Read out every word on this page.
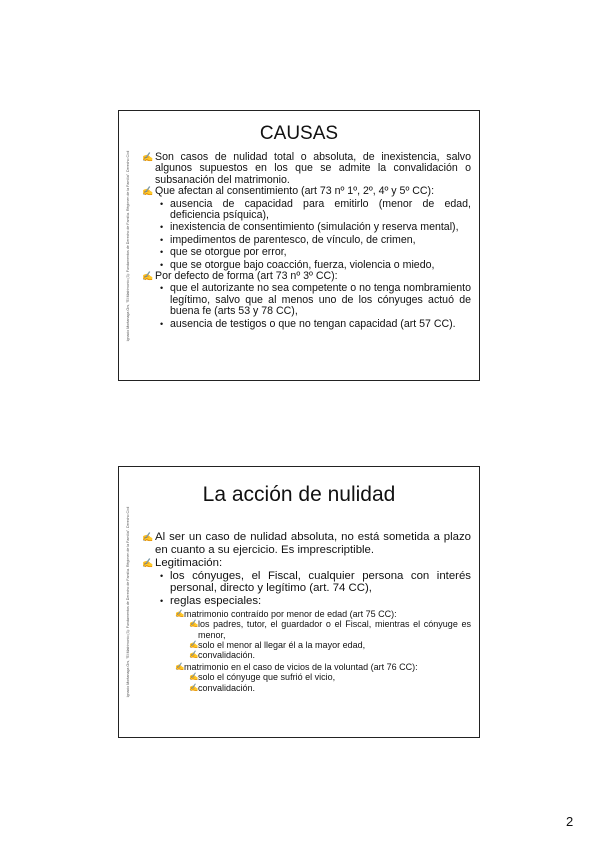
Ignacio Mortanaga Ors, "El Matrimonio (3): Fundamentos de Derecho de Familia. Régimen de la Familia". Derecho Civil
CAUSAS
✍ Son casos de nulidad total o absoluta, de inexistencia, salvo algunos supuestos en los que se admite la convalidación o subsanación del matrimonio.
✍ Que afectan al consentimiento (art 73 nº 1º, 2º, 4º y 5º CC):
• ausencia de capacidad para emitirlo (menor de edad, deficiencia psíquica),
• inexistencia de consentimiento (simulación y reserva mental),
• impedimentos de parentesco, de vínculo, de crimen,
• que se otorgue por error,
• que se otorgue bajo coacción, fuerza, violencia o miedo,
✍ Por defecto de forma (art 73 nº 3º CC):
• que el autorizante no sea competente o no tenga nombramiento legítimo, salvo que al menos uno de los cónyuges actuó de buena fe (arts 53 y 78 CC),
• ausencia de testigos o que no tengan capacidad (art 57 CC).
Ignacio Mortanaga Ors, "El Matrimonio (3): Fundamentos de Derecho de Familia. Régimen de la Familia". Derecho Civil
La acción de nulidad
✍ Al ser un caso de nulidad absoluta, no está sometida a plazo en cuanto a su ejercicio. Es imprescriptible.
✍ Legitimación:
• los cónyuges, el Fiscal, cualquier persona con interés personal, directo y legítimo (art. 74 CC),
• reglas especiales:
✍ matrimonio contraído por menor de edad (art 75 CC):
✍ los padres, tutor, el guardador o el Fiscal, mientras el cónyuge es menor,
✍ solo el menor al llegar él a la mayor edad,
✍ convalidación.
✍ matrimonio en el caso de vicios de la voluntad (art 76 CC):
✍ solo el cónyuge que sufrió el vicio,
✍ convalidación.
2
